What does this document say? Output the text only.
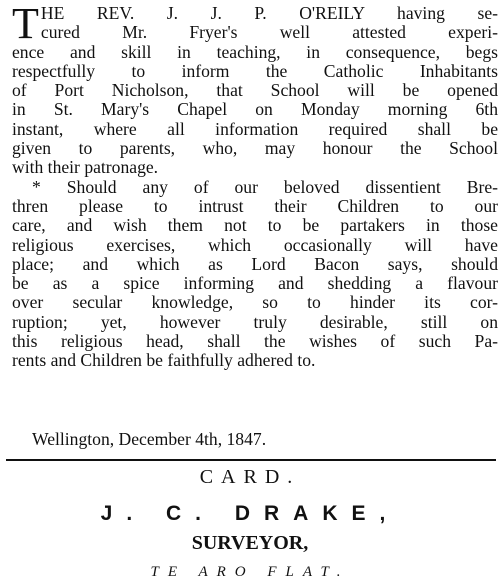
T HE REV. J. J. P. O'REILY having se-
cured Mr. Fryer's well attested experi-
ence and skill in teaching, in consequence, begs
respectfully to inform the Catholic Inhabitants
of Port Nicholson, that School will be opened
in St. Mary's Chapel on Monday morning 6th
instant, where all information required shall be
given to parents, who, may honour the School
with their patronage.
* Should any of our beloved dissentient Bre-
thren please to intrust their Children to our
care, and wish them not to be partakers in those
religious exercises, which occasionally will have
place; and which as Lord Bacon says, should
be as a spice informing and shedding a flavour
over secular knowledge, so to hinder its cor-
ruption; yet, however truly desirable, still on
this religious head, shall the wishes of such Pa-
rents and Children be faithfully adhered to.
Wellington, December 4th, 1847.
CARD.
J. C. DRAKE,
SURVEYOR,
TE ARO FLAT.
